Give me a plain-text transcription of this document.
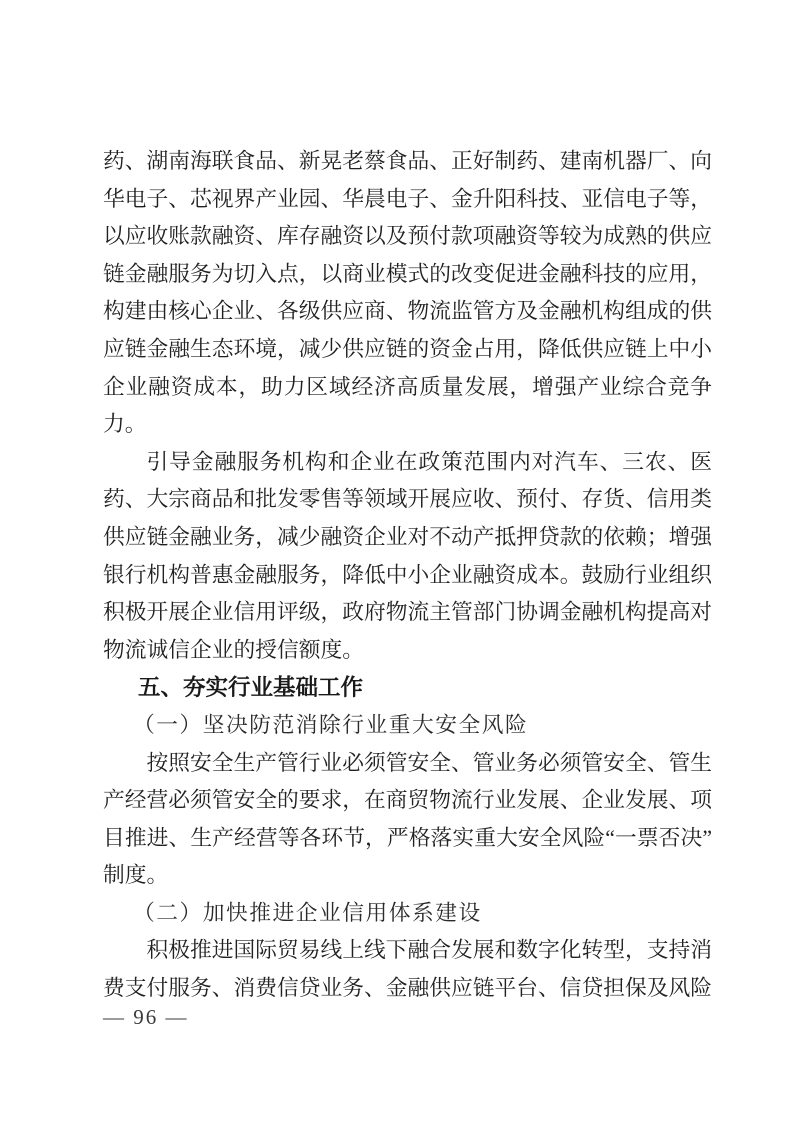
药、湖南海联食品、新晃老蔡食品、正好制药、建南机器厂、向华电子、芯视界产业园、华晨电子、金升阳科技、亚信电子等，以应收账款融资、库存融资以及预付款项融资等较为成熟的供应链金融服务为切入点，以商业模式的改变促进金融科技的应用，构建由核心企业、各级供应商、物流监管方及金融机构组成的供应链金融生态环境，减少供应链的资金占用，降低供应链上中小企业融资成本，助力区域经济高质量发展，增强产业综合竞争力。

引导金融服务机构和企业在政策范围内对汽车、三农、医药、大宗商品和批发零售等领域开展应收、预付、存货、信用类供应链金融业务，减少融资企业对不动产抵押贷款的依赖；增强银行机构普惠金融服务，降低中小企业融资成本。鼓励行业组织积极开展企业信用评级，政府物流主管部门协调金融机构提高对物流诚信企业的授信额度。

五、夯实行业基础工作

（一）坚决防范消除行业重大安全风险

按照安全生产管行业必须管安全、管业务必须管安全、管生产经营必须管安全的要求，在商贸物流行业发展、企业发展、项目推进、生产经营等各环节，严格落实重大安全风险“一票否决”制度。

（二）加快推进企业信用体系建设

积极推进国际贸易线上线下融合发展和数字化转型，支持消费支付服务、消费信贷业务、金融供应链平台、信贷担保及风险

— 96 —
